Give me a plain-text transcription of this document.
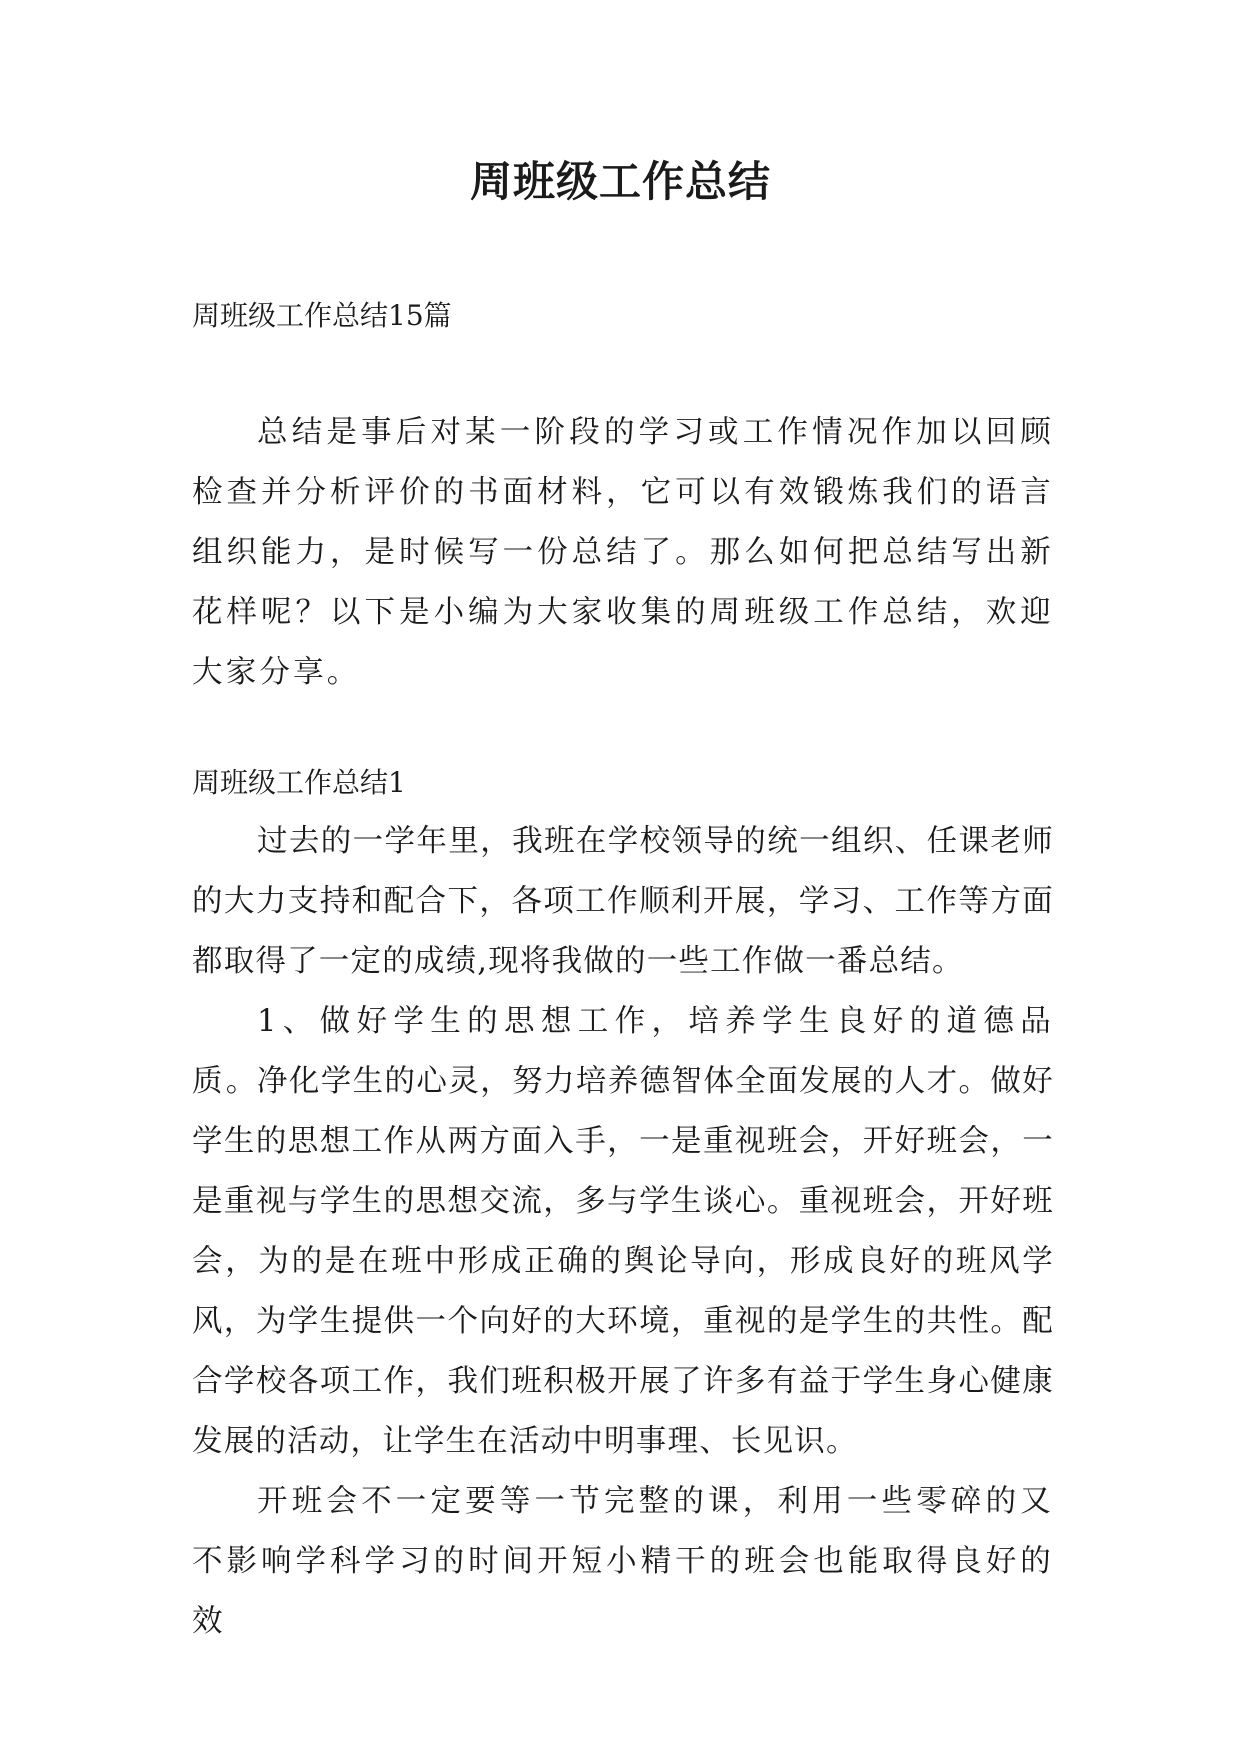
周班级工作总结
周班级工作总结15篇
总结是事后对某一阶段的学习或工作情况作加以回顾检查并分析评价的书面材料，它可以有效锻炼我们的语言组织能力，是时候写一份总结了。那么如何把总结写出新花样呢？以下是小编为大家收集的周班级工作总结，欢迎大家分享。
周班级工作总结1
过去的一学年里，我班在学校领导的统一组织、任课老师的大力支持和配合下，各项工作顺利开展，学习、工作等方面都取得了一定的成绩,现将我做的一些工作做一番总结。
1、做好学生的思想工作，培养学生良好的道德品质。
净化学生的心灵，努力培养德智体全面发展的人才。做好学生的思想工作从两方面入手，一是重视班会，开好班会，一是重视与学生的思想交流，多与学生谈心。重视班会，开好班会，为的是在班中形成正确的舆论导向，形成良好的班风学风，为学生提供一个向好的大环境，重视的是学生的共性。配合学校各项工作，我们班积极开展了许多有益于学生身心健康发展的活动，让学生在活动中明事理、长见识。
开班会不一定要等一节完整的课，利用一些零碎的又不影响学科学习的时间开短小精干的班会也能取得良好的效
